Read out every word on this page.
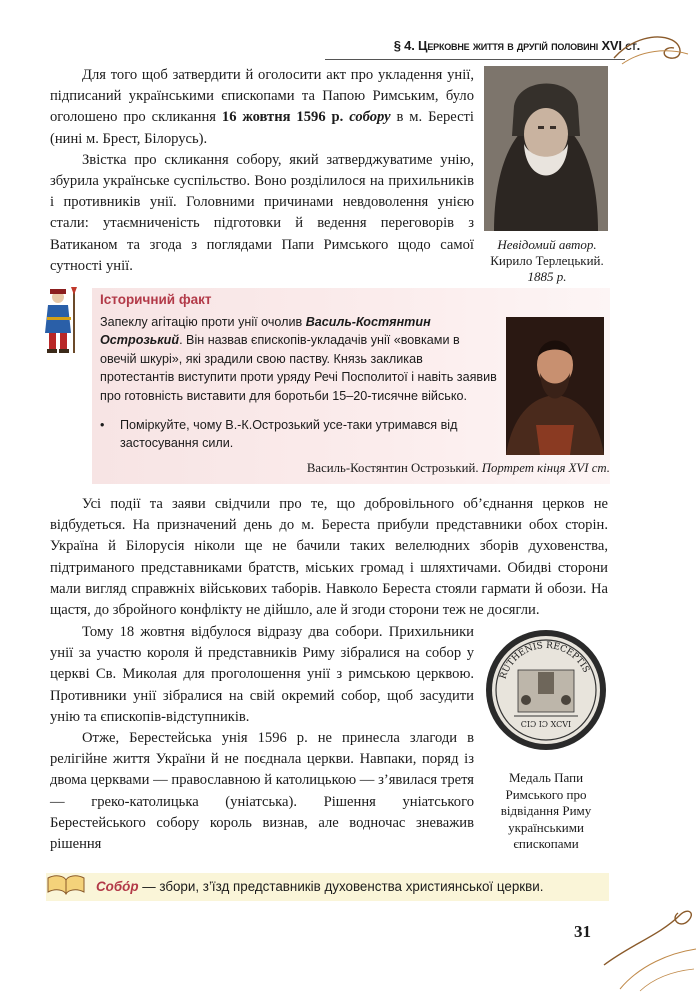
§ 4. Церковне життя в другій половині XVI ст.

Для того щоб затвердити й оголосити акт про укладення унії, підписаний українськими єпископами та Папою Римським, було оголошено про скликання 16 жовтня 1596 р. собору в м. Бересті (нині м. Брест, Білорусь).

Звістка про скликання собору, який затверджуватиме унію, збурила українське суспільство. Воно розділилося на прихильників і противників унії. Головними причинами невдоволення унією стали: утаємниченість підготовки й ведення переговорів з Ватиканом та згода з поглядами Папи Римського щодо самої сутності унії.

Невідомий автор.
Кирило Терлецький.
1885 р.
Історичний факт
Запеклу агітацію проти унії очолив Василь-Костянтин Острозький. Він назвав єпископів-укладачів унії «вовками в овечій шкурі», які зрадили свою паству. Князь закликав протестантів виступити проти уряду Речі Посполитої і навіть заявив про готовність виставити для боротьби 15–20-тисячне військо.
•	Поміркуйте, чому В.-К.Острозький усе-таки утримався від застосування сили.
Василь-Костянтин Острозький. Портрет кінця XVI ст.

Усі події та заяви свідчили про те, що добровільного об’єднання церков не відбудеться. На призначений день до м. Береста прибули представники обох сторін. Україна й Білорусія ніколи ще не бачили таких велелюдних зборів духовенства, підтриманого представниками братств, міських громад і шляхтичами. Обидві сторони мали вигляд справжніх військових таборів. Навколо Береста стояли гармати й обози. На щастя, до збройного конфлікту не дійшло, але й згоди сторони теж не досягли.

Тому 18 жовтня відбулося відразу два собори. Прихильники унії за участю короля й представників Риму зібралися на собор у церкві Св. Миколая для проголошення унії з римською церквою. Противники унії зібралися на свій окремий собор, щоб засудити унію та єпископів-відступників.

Отже, Берестейська унія 1596 р. не принесла злагоди в релігійне життя України й не поєднала церкви. Навпаки, поряд із двома церквами — православною й католицькою — з’явилася третя — греко-католицька (уніатська). Рішення уніатського Берестейського собору король визнав, але водночас зневажив рішення

RUTHENIS RECEPTIS
CIƆ IƆ XCVI
Медаль Папи Римського про відвідання Риму українськими єпископами
Собо́р — збори, з’їзд представників духовенства християнської церкви.
31
